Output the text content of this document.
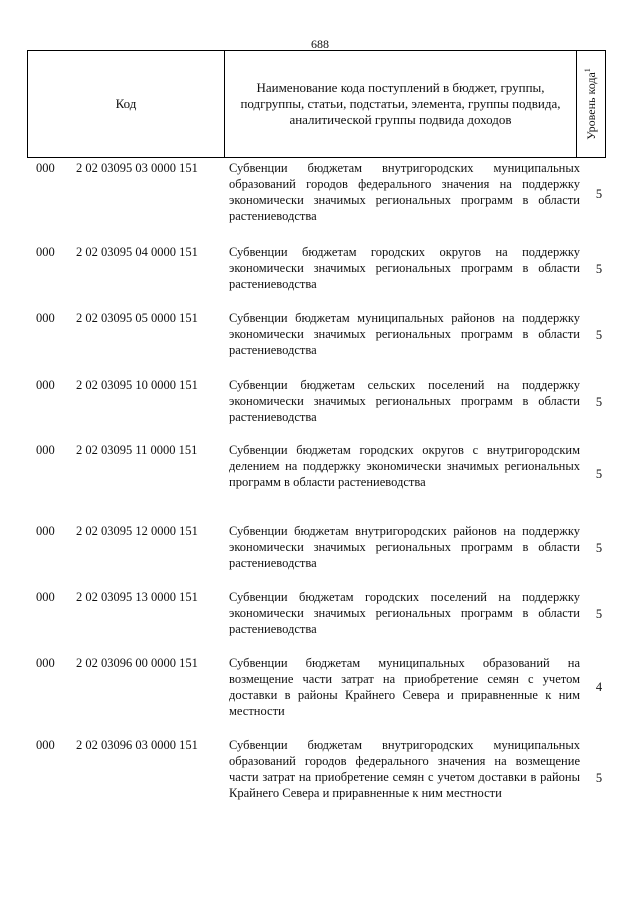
688
Код
Наименование кода поступлений в бюджет, группы, подгруппы, статьи, подстатьи, элемента, группы подвида, аналитической группы подвида доходов	Уровень кода$^1$
000 2 02 03095 03 0000 151 Субвенции бюджетам внутригородских муниципальных образований городов федерального значения на поддержку экономически значимых региональных программ в области растениеводства
5
000 2 02 03095 04 0000 151 Субвенции бюджетам городских округов на поддержку экономически значимых региональных программ в области растениеводства
5
000 2 02 03095 05 0000 151 Субвенции бюджетам муниципальных районов на поддержку экономически значимых региональных программ в области растениеводства
5
000 2 02 03095 10 0000 151 Субвенции бюджетам сельских поселений на поддержку экономически значимых региональных программ в области растениеводства
5
000 2 02 03095 11 0000 151	Субвенции бюджетам городских округов с внутригородским делением на поддержку экономически значимых региональных программ в области растениеводства
5
000 2 02 03095 12 0000 151 Субвенции бюджетам внутригородских районов на поддержку экономически значимых региональных программ в области растениеводства
5
000 2 02 03095 13 0000 151 Субвенции бюджетам городских поселений на поддержку экономически значимых региональных программ в области растениеводства
5
000 2 02 03096 00 0000 151 Субвенции бюджетам муниципальных образований на возмещение части затрат на приобретение семян с учетом доставки в районы Крайнего Севера и приравненные к ним местности
4
000 2 02 03096 03 0000 151 Субвенции бюджетам внутригородских муниципальных образований городов федерального значения на возмещение части затрат на приобретение семян с учетом доставки в районы Крайнего Севера и приравненные к ним местности
5
